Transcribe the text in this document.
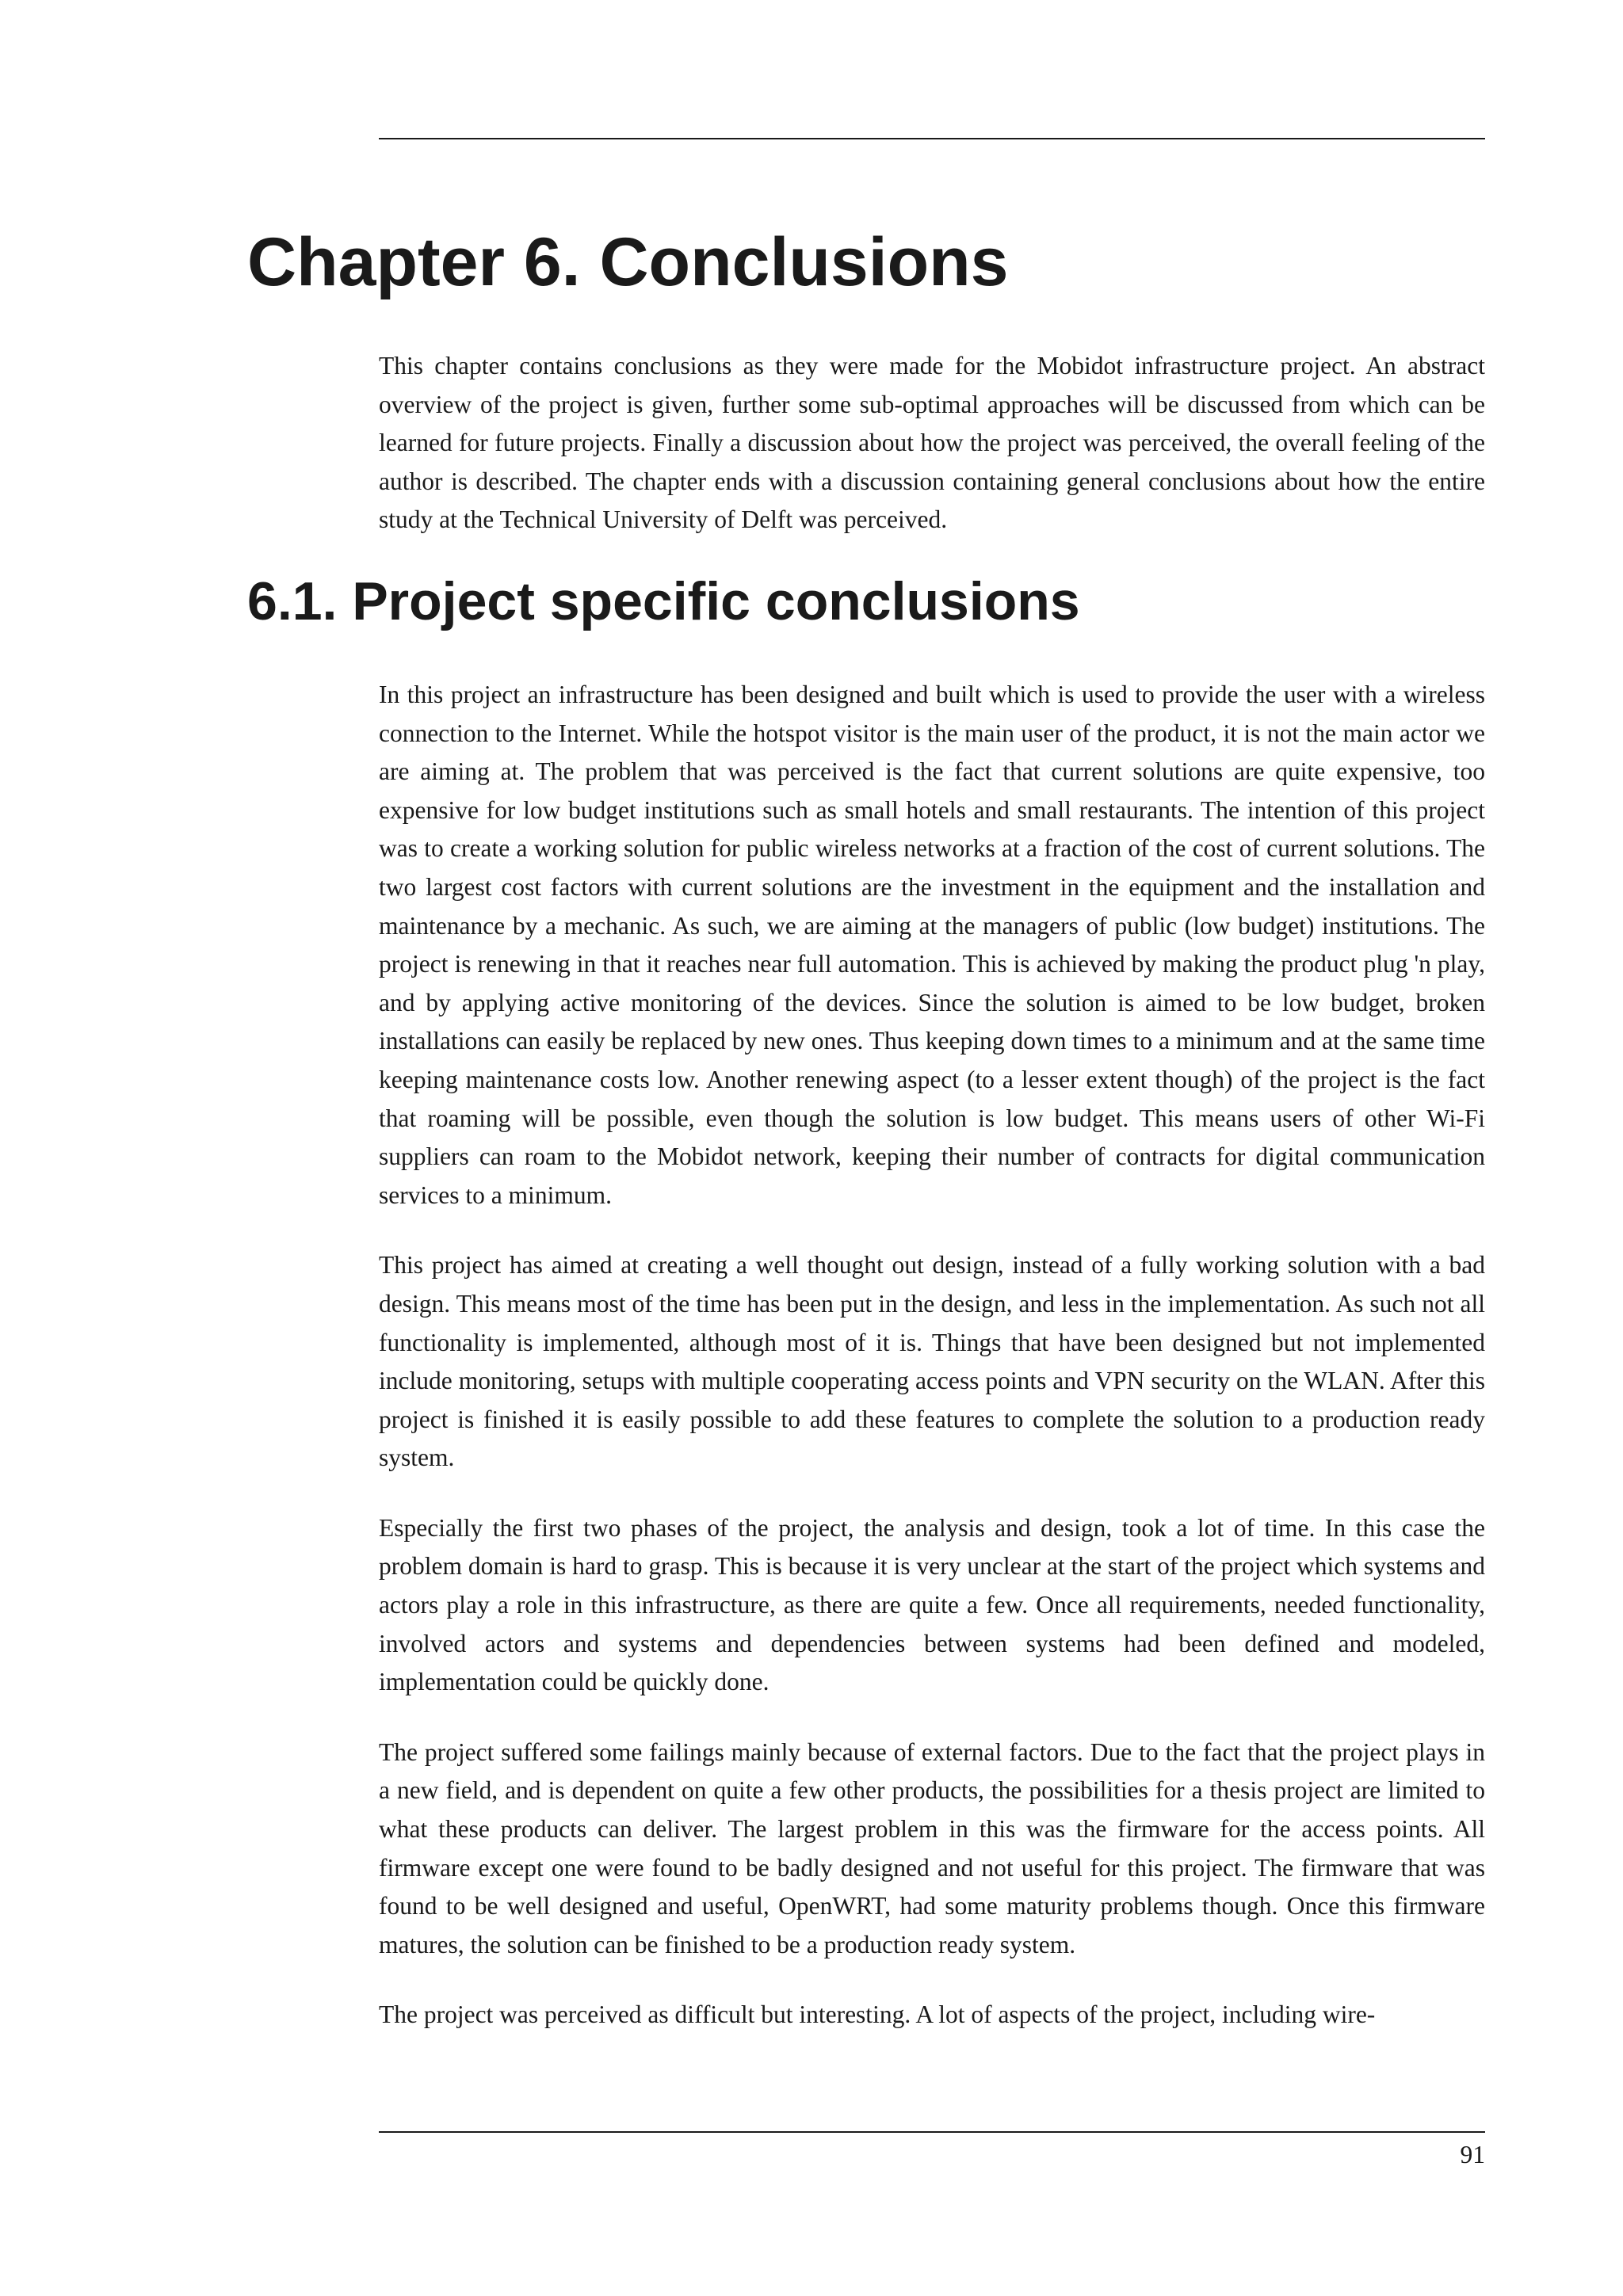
Chapter 6. Conclusions

This chapter contains conclusions as they were made for the Mobidot infrastructure project. An abstract overview of the project is given, further some sub-optimal approaches will be discussed from which can be learned for future projects. Finally a discussion about how the project was perceived, the overall feeling of the author is described. The chapter ends with a discussion containing general conclusions about how the entire study at the Technical University of Delft was perceived.

6.1. Project specific conclusions

In this project an infrastructure has been designed and built which is used to provide the user with a wireless connection to the Internet. While the hotspot visitor is the main user of the product, it is not the main actor we are aiming at. The problem that was perceived is the fact that current solutions are quite expensive, too expensive for low budget institutions such as small hotels and small restaurants. The intention of this project was to create a working solution for public wireless networks at a fraction of the cost of current solutions. The two largest cost factors with current solutions are the investment in the equipment and the installation and maintenance by a mechanic. As such, we are aiming at the managers of public (low budget) institutions. The project is renewing in that it reaches near full automation. This is achieved by making the product plug 'n play, and by applying active monitoring of the devices. Since the solution is aimed to be low budget, broken installations can easily be replaced by new ones. Thus keeping down times to a minimum and at the same time keeping maintenance costs low. Another renewing aspect (to a lesser extent though) of the project is the fact that roaming will be possible, even though the solution is low budget. This means users of other Wi-Fi suppliers can roam to the Mobidot network, keeping their number of contracts for digital communication services to a minimum.

This project has aimed at creating a well thought out design, instead of a fully working solution with a bad design. This means most of the time has been put in the design, and less in the implementation. As such not all functionality is implemented, although most of it is. Things that have been designed but not implemented include monitoring, setups with multiple cooperating access points and VPN security on the WLAN. After this project is finished it is easily possible to add these features to complete the solution to a production ready system.

Especially the first two phases of the project, the analysis and design, took a lot of time. In this case the problem domain is hard to grasp. This is because it is very unclear at the start of the project which systems and actors play a role in this infrastructure, as there are quite a few. Once all requirements, needed functionality, involved actors and systems and dependencies between systems had been defined and modeled, implementation could be quickly done.

The project suffered some failings mainly because of external factors. Due to the fact that the project plays in a new field, and is dependent on quite a few other products, the possibilities for a thesis project are limited to what these products can deliver. The largest problem in this was the firmware for the access points. All firmware except one were found to be badly designed and not useful for this project. The firmware that was found to be well designed and useful, OpenWRT, had some maturity problems though. Once this firmware matures, the solution can be finished to be a production ready system.

The project was perceived as difficult but interesting. A lot of aspects of the project, including wire-

91
